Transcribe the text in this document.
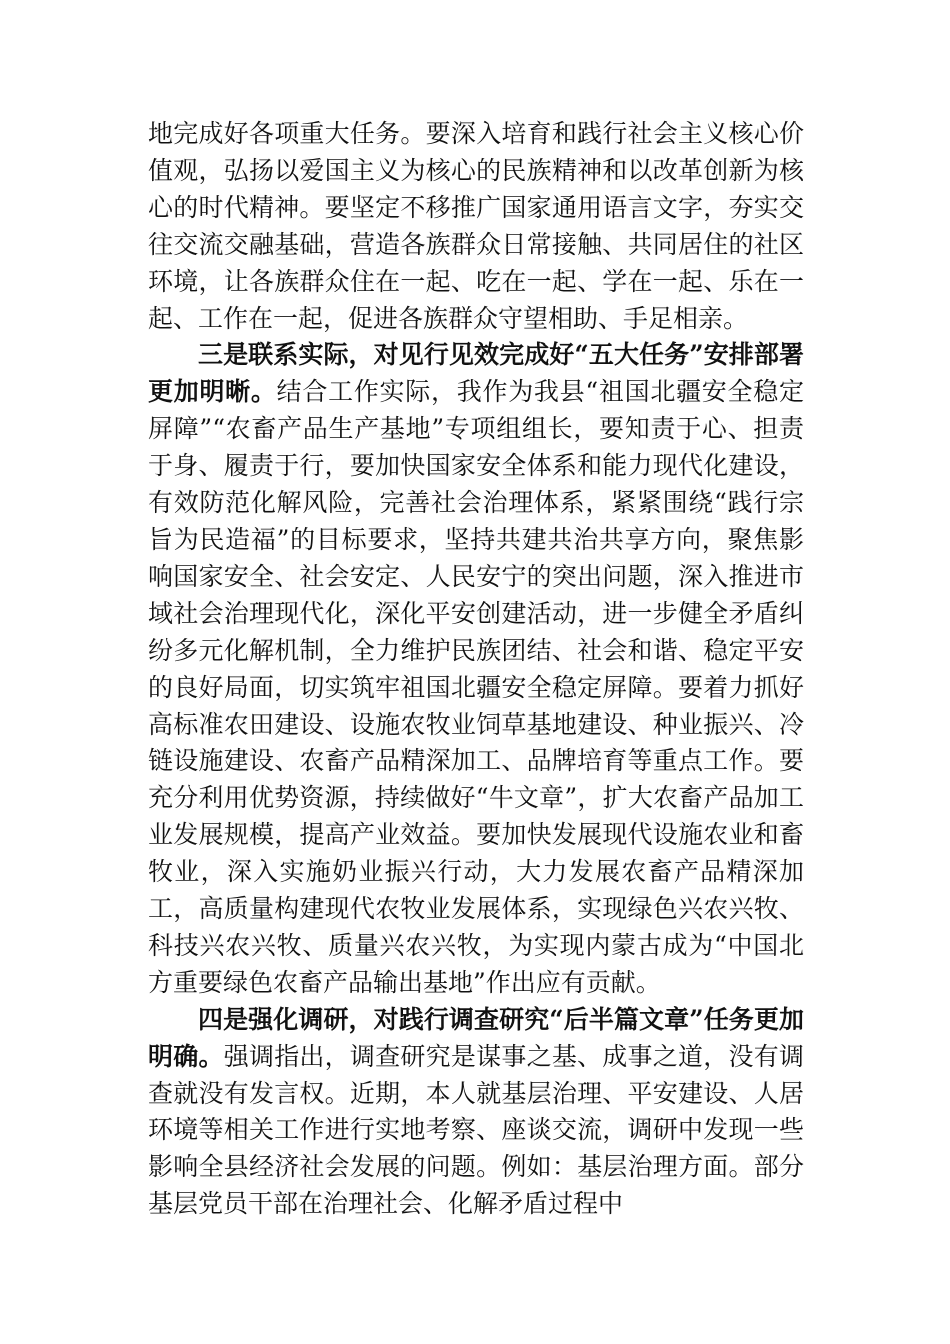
地完成好各项重大任务。要深入培育和践行社会主义核心价值观，弘扬以爱国主义为核心的民族精神和以改革创新为核心的时代精神。要坚定不移推广国家通用语言文字，夯实交往交流交融基础，营造各族群众日常接触、共同居住的社区环境，让各族群众住在一起、吃在一起、学在一起、乐在一起、工作在一起，促进各族群众守望相助、手足相亲。

三是联系实际，对见行见效完成好“五大任务”安排部署更加明晰。结合工作实际，我作为我县“祖国北疆安全稳定屏障”“农畜产品生产基地”专项组组长，要知责于心、担责于身、履责于行，要加快国家安全体系和能力现代化建设，有效防范化解风险，完善社会治理体系，紧紧围绕“践行宗旨为民造福”的目标要求，坚持共建共治共享方向，聚焦影响国家安全、社会安定、人民安宁的突出问题，深入推进市域社会治理现代化，深化平安创建活动，进一步健全矛盾纠纷多元化解机制，全力维护民族团结、社会和谐、稳定平安的良好局面，切实筑牢祖国北疆安全稳定屏障。要着力抓好高标准农田建设、设施农牧业饲草基地建设、种业振兴、冷链设施建设、农畜产品精深加工、品牌培育等重点工作。要充分利用优势资源，持续做好“牛文章”，扩大农畜产品加工业发展规模，提高产业效益。要加快发展现代设施农业和畜牧业，深入实施奶业振兴行动，大力发展农畜产品精深加工，高质量构建现代农牧业发展体系，实现绿色兴农兴牧、科技兴农兴牧、质量兴农兴牧，为实现内蒙古成为“中国北方重要绿色农畜产品输出基地”作出应有贡献。

四是强化调研，对践行调查研究“后半篇文章”任务更加明确。强调指出，调查研究是谋事之基、成事之道，没有调查就没有发言权。近期，本人就基层治理、平安建设、人居环境等相关工作进行实地考察、座谈交流，调研中发现一些影响全县经济社会发展的问题。例如：基层治理方面。部分基层党员干部在治理社会、化解矛盾过程中
